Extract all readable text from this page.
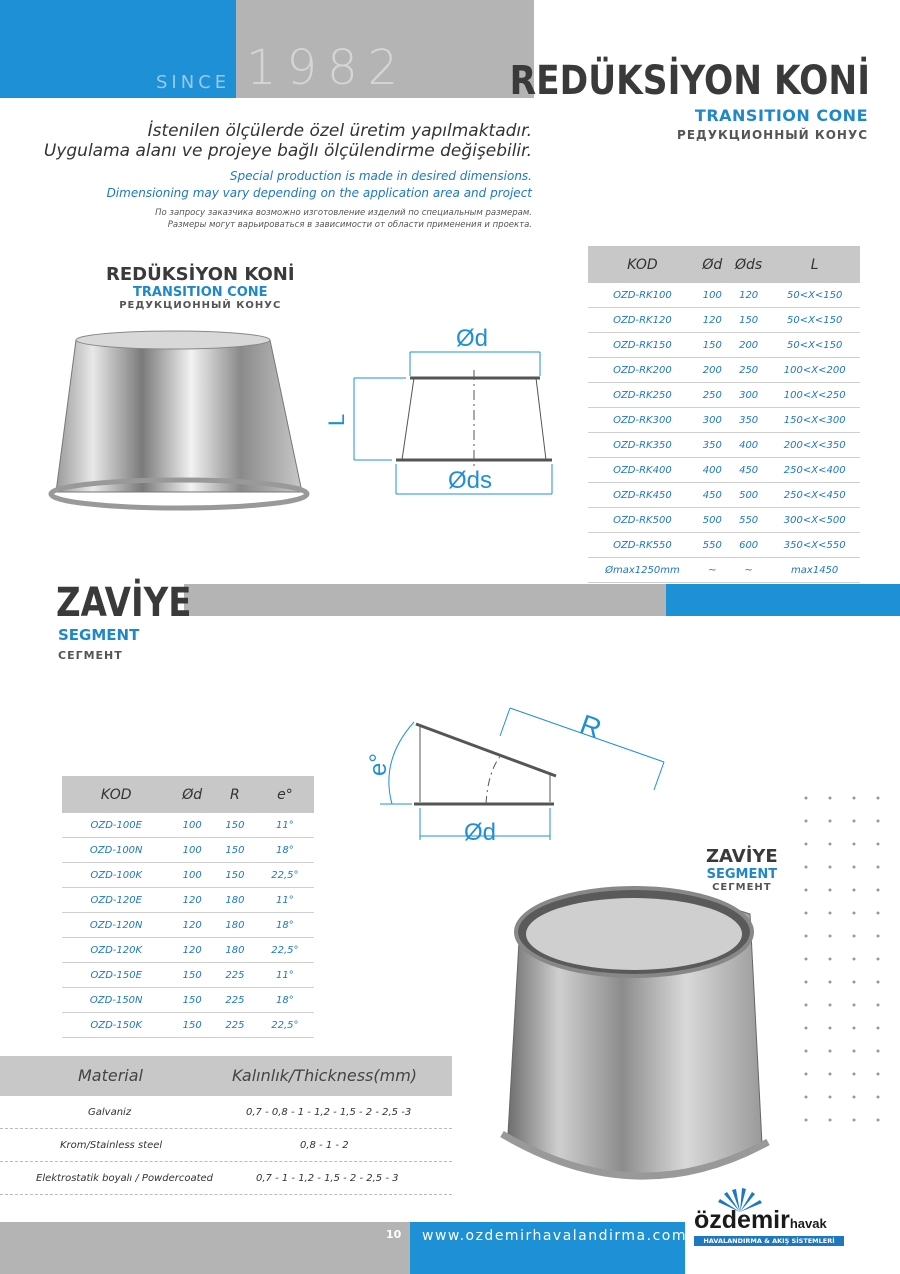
SINCE 1982	REDÜKSİYON KONİ
TRANSITION CONE
РЕДУКЦИОННЫЙ КОНУС
İstenilen ölçülerde özel üretim yapılmaktadır.
Uygulama alanı ve projeye bağlı ölçülendirme değişebilir.
Special production is made in desired dimensions.
Dimensioning may vary depending on the application area and project
По запросу заказчика возможно изготовление изделий по специальным размерам.
Размеры могут варьироваться в зависимости от области применения и проекта.
REDÜKSİYON KONİ
TRANSITION CONE
РЕДУКЦИОННЫЙ КОНУС
Ød
Øds
L
KOD	Ød	Øds	L
OZD-RK100	100	120	50<X<150
OZD-RK120	120	150	50<X<150
OZD-RK150	150	200	50<X<150
OZD-RK200	200	250	100<X<200
OZD-RK250	250	300	100<X<250
OZD-RK300	300	350	150<X<300
OZD-RK350	350	400	200<X<350
OZD-RK400	400	450	250<X<400
OZD-RK450	450	500	250<X<450
OZD-RK500	500	550	300<X<500
OZD-RK550	550	600	350<X<550
Ømax1250mm	~	~	max1450
ZAVİYE
SEGMENT
СЕГМЕНТ
R
Ød
e°
KOD	Ød	R	e°
OZD-100E	100	150	11°
OZD-100N	100	150	18°
OZD-100K	100	150	22,5°
OZD-120E	120	180	11°
OZD-120N	120	180	18°
OZD-120K	120	180	22,5°
OZD-150E	150	225	11°
OZD-150N	150	225	18°
OZD-150K	150	225	22,5°
ZAVİYE
SEGMENT
СЕГМЕНТ
Material	Kalınlık/Thickness(mm)
Galvaniz	0,7 - 0,8 - 1 - 1,2 - 1,5 - 2 - 2,5 -3
Krom/Stainless steel	0,8 - 1 - 2
Elektrostatik boyalı / Powdercoated	0,7 - 1 - 1,2 - 1,5 - 2 - 2,5 - 3
10 www.ozdemirhavalandirma.com
özdemirhavak
HAVALANDIRMA & AKIŞ SİSTEMLERİ
